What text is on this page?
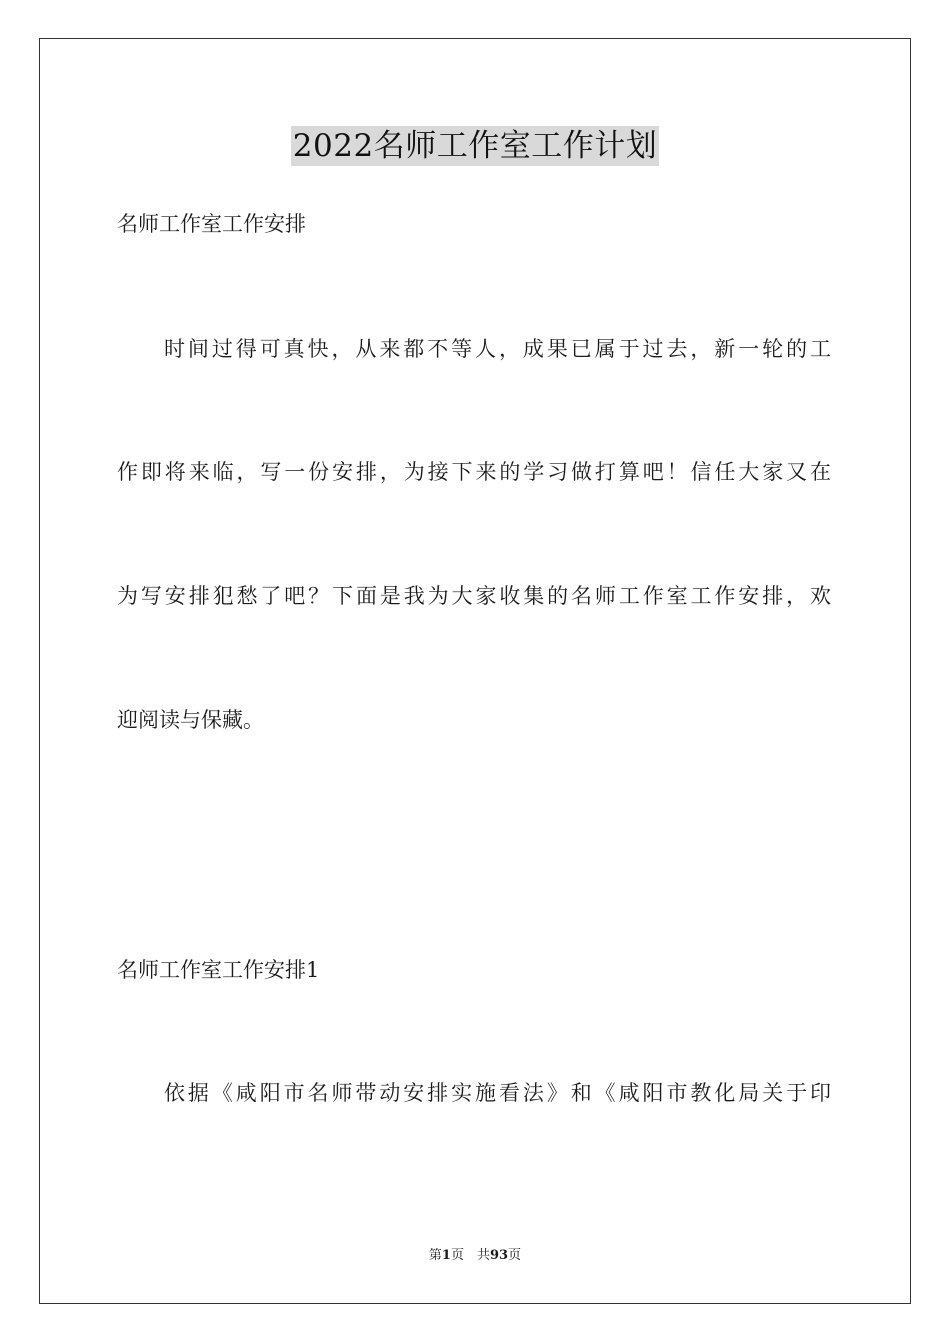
2022名师工作室工作计划
名师工作室工作安排
时间过得可真快，从来都不等人，成果已属于过去，新一轮的工
作即将来临，写一份安排，为接下来的学习做打算吧！信任大家又在
为写安排犯愁了吧？下面是我为大家收集的名师工作室工作安排，欢
迎阅读与保藏。
名师工作室工作安排1
依据《咸阳市名师带动安排实施看法》和《咸阳市教化局关于印
第1页　共93页
